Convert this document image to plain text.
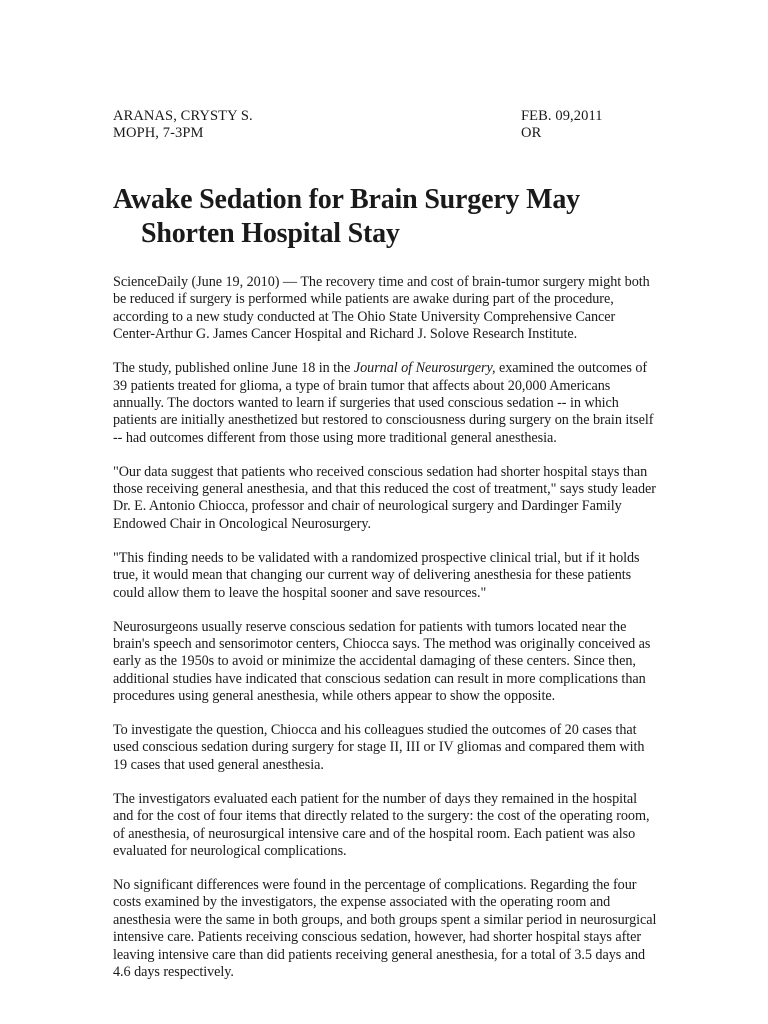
ARANAS, CRYSTY S.
MOPH, 7-3PM
FEB. 09,2011
OR
Awake Sedation for Brain Surgery May Shorten Hospital Stay

ScienceDaily (June 19, 2010) — The recovery time and cost of brain-tumor surgery might both be reduced if surgery is performed while patients are awake during part of the procedure, according to a new study conducted at The Ohio State University Comprehensive Cancer Center-Arthur G. James Cancer Hospital and Richard J. Solove Research Institute.

The study, published online June 18 in the Journal of Neurosurgery, examined the outcomes of 39 patients treated for glioma, a type of brain tumor that affects about 20,000 Americans annually. The doctors wanted to learn if surgeries that used conscious sedation -- in which patients are initially anesthetized but restored to consciousness during surgery on the brain itself -- had outcomes different from those using more traditional general anesthesia.

"Our data suggest that patients who received conscious sedation had shorter hospital stays than those receiving general anesthesia, and that this reduced the cost of treatment," says study leader Dr. E. Antonio Chiocca, professor and chair of neurological surgery and Dardinger Family Endowed Chair in Oncological Neurosurgery.

"This finding needs to be validated with a randomized prospective clinical trial, but if it holds true, it would mean that changing our current way of delivering anesthesia for these patients could allow them to leave the hospital sooner and save resources."

Neurosurgeons usually reserve conscious sedation for patients with tumors located near the brain's speech and sensorimotor centers, Chiocca says. The method was originally conceived as early as the 1950s to avoid or minimize the accidental damaging of these centers. Since then, additional studies have indicated that conscious sedation can result in more complications than procedures using general anesthesia, while others appear to show the opposite.

To investigate the question, Chiocca and his colleagues studied the outcomes of 20 cases that used conscious sedation during surgery for stage II, III or IV gliomas and compared them with 19 cases that used general anesthesia.

The investigators evaluated each patient for the number of days they remained in the hospital and for the cost of four items that directly related to the surgery: the cost of the operating room, of anesthesia, of neurosurgical intensive care and of the hospital room. Each patient was also evaluated for neurological complications.

No significant differences were found in the percentage of complications. Regarding the four costs examined by the investigators, the expense associated with the operating room and anesthesia were the same in both groups, and both groups spent a similar period in neurosurgical intensive care. Patients receiving conscious sedation, however, had shorter hospital stays after leaving intensive care than did patients receiving general anesthesia, for a total of 3.5 days and 4.6 days respectively.
